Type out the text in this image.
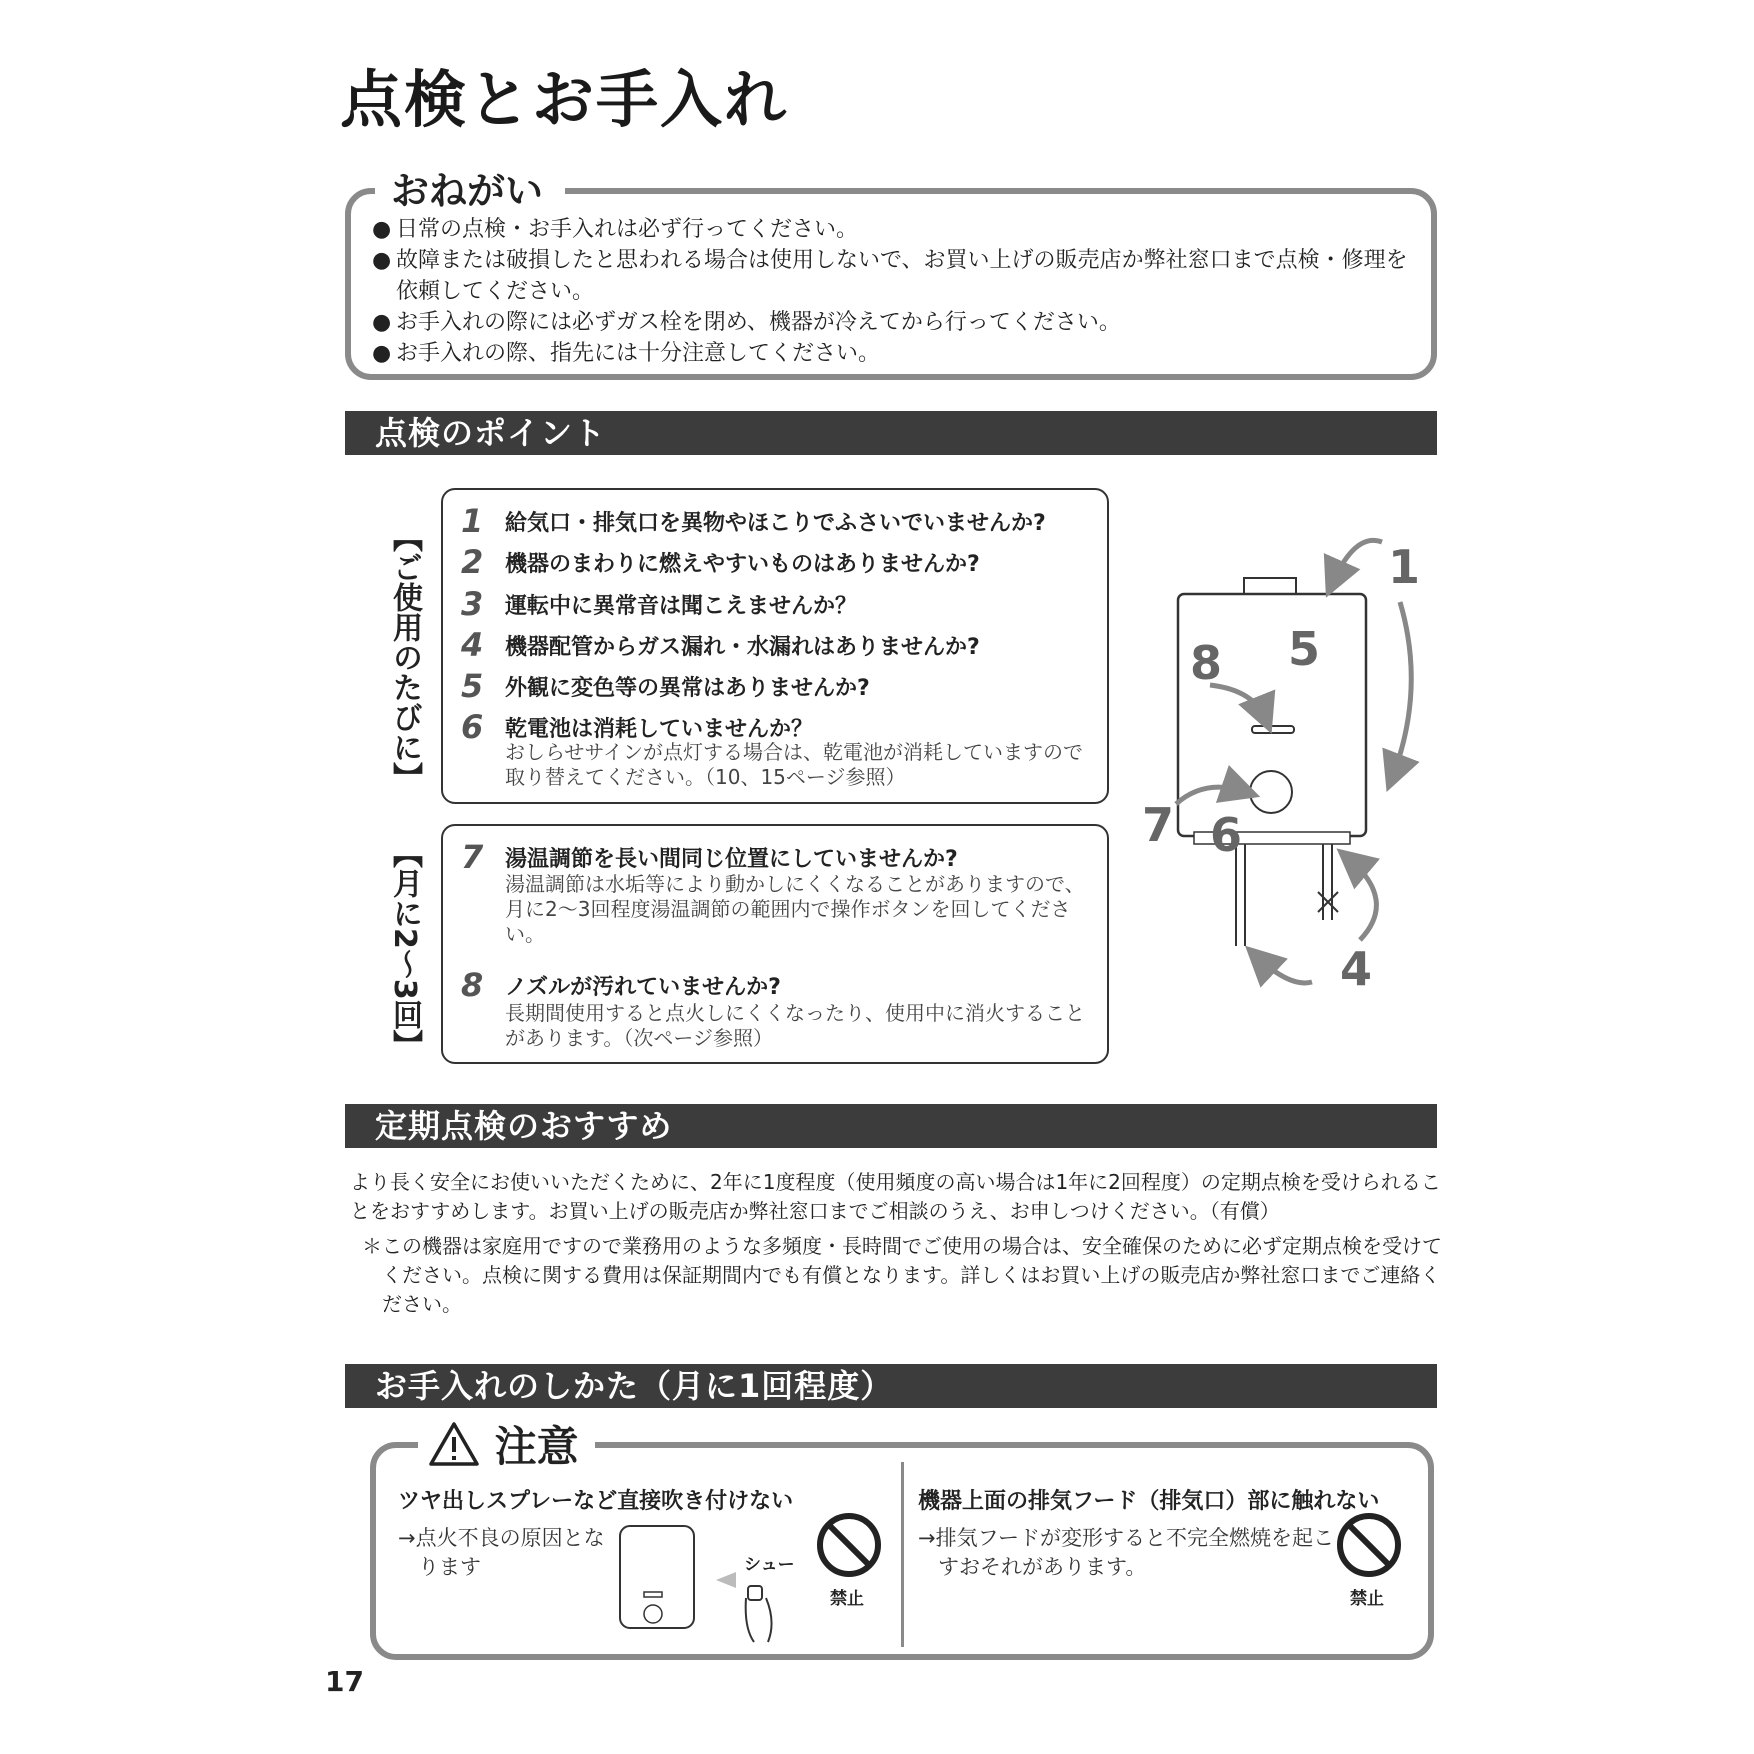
点検とお手入れ
おねがい
● 日常の点検・お手入れは必ず行ってください。
● 故障または破損したと思われる場合は使用しないで、お買い上げの販売店か弊社窓口まで点検・修理を依頼してください。
● お手入れの際には必ずガス栓を閉め、機器が冷えてから行ってください。
● お手入れの際、指先には十分注意してください。
点検のポイント
【ご使用のたびに】
【月に2〜3回】
1 給気口・排気口を異物やほこりでふさいでいませんか?
2 機器のまわりに燃えやすいものはありませんか?
3 運転中に異常音は聞こえませんか？
4 機器配管からガス漏れ・水漏れはありませんか?
5 外観に変色等の異常はありませんか?
6 乾電池は消耗していませんか？
おしらせサインが点灯する場合は、乾電池が消耗していますので取り替えてください。（10、15ページ参照）
7 湯温調節を長い間同じ位置にしていませんか?
湯温調節は水垢等により動かしにくくなることがありますので、月に2〜3回程度湯温調節の範囲内で操作ボタンを回してください。
8 ノズルが汚れていませんか?
長期間使用すると点火しにくくなったり、使用中に消火することがあります。（次ページ参照）
1
5
8
7 6
4
定期点検のおすすめ
より長く安全にお使いいただくために、2年に1度程度（使用頻度の高い場合は1年に2回程度）の定期点検を受けられることをおすすめします。お買い上げの販売店か弊社窓口までご相談のうえ、お申しつけください。（有償）
＊この機器は家庭用ですので業務用のような多頻度・長時間でご使用の場合は、安全確保のために必ず定期点検を受けてください。点検に関する費用は保証期間内でも有償となります。詳しくはお買い上げの販売店か弊社窓口までご連絡ください。
お手入れのしかた（月に1回程度）
注意
ツヤ出しスプレーなど直接吹き付けない
→点火不良の原因となります	シュー
禁止
機器上面の排気フード（排気口）部に触れない
→排気フードが変形すると不完全燃焼を起こすおそれがあります。
禁止
17
